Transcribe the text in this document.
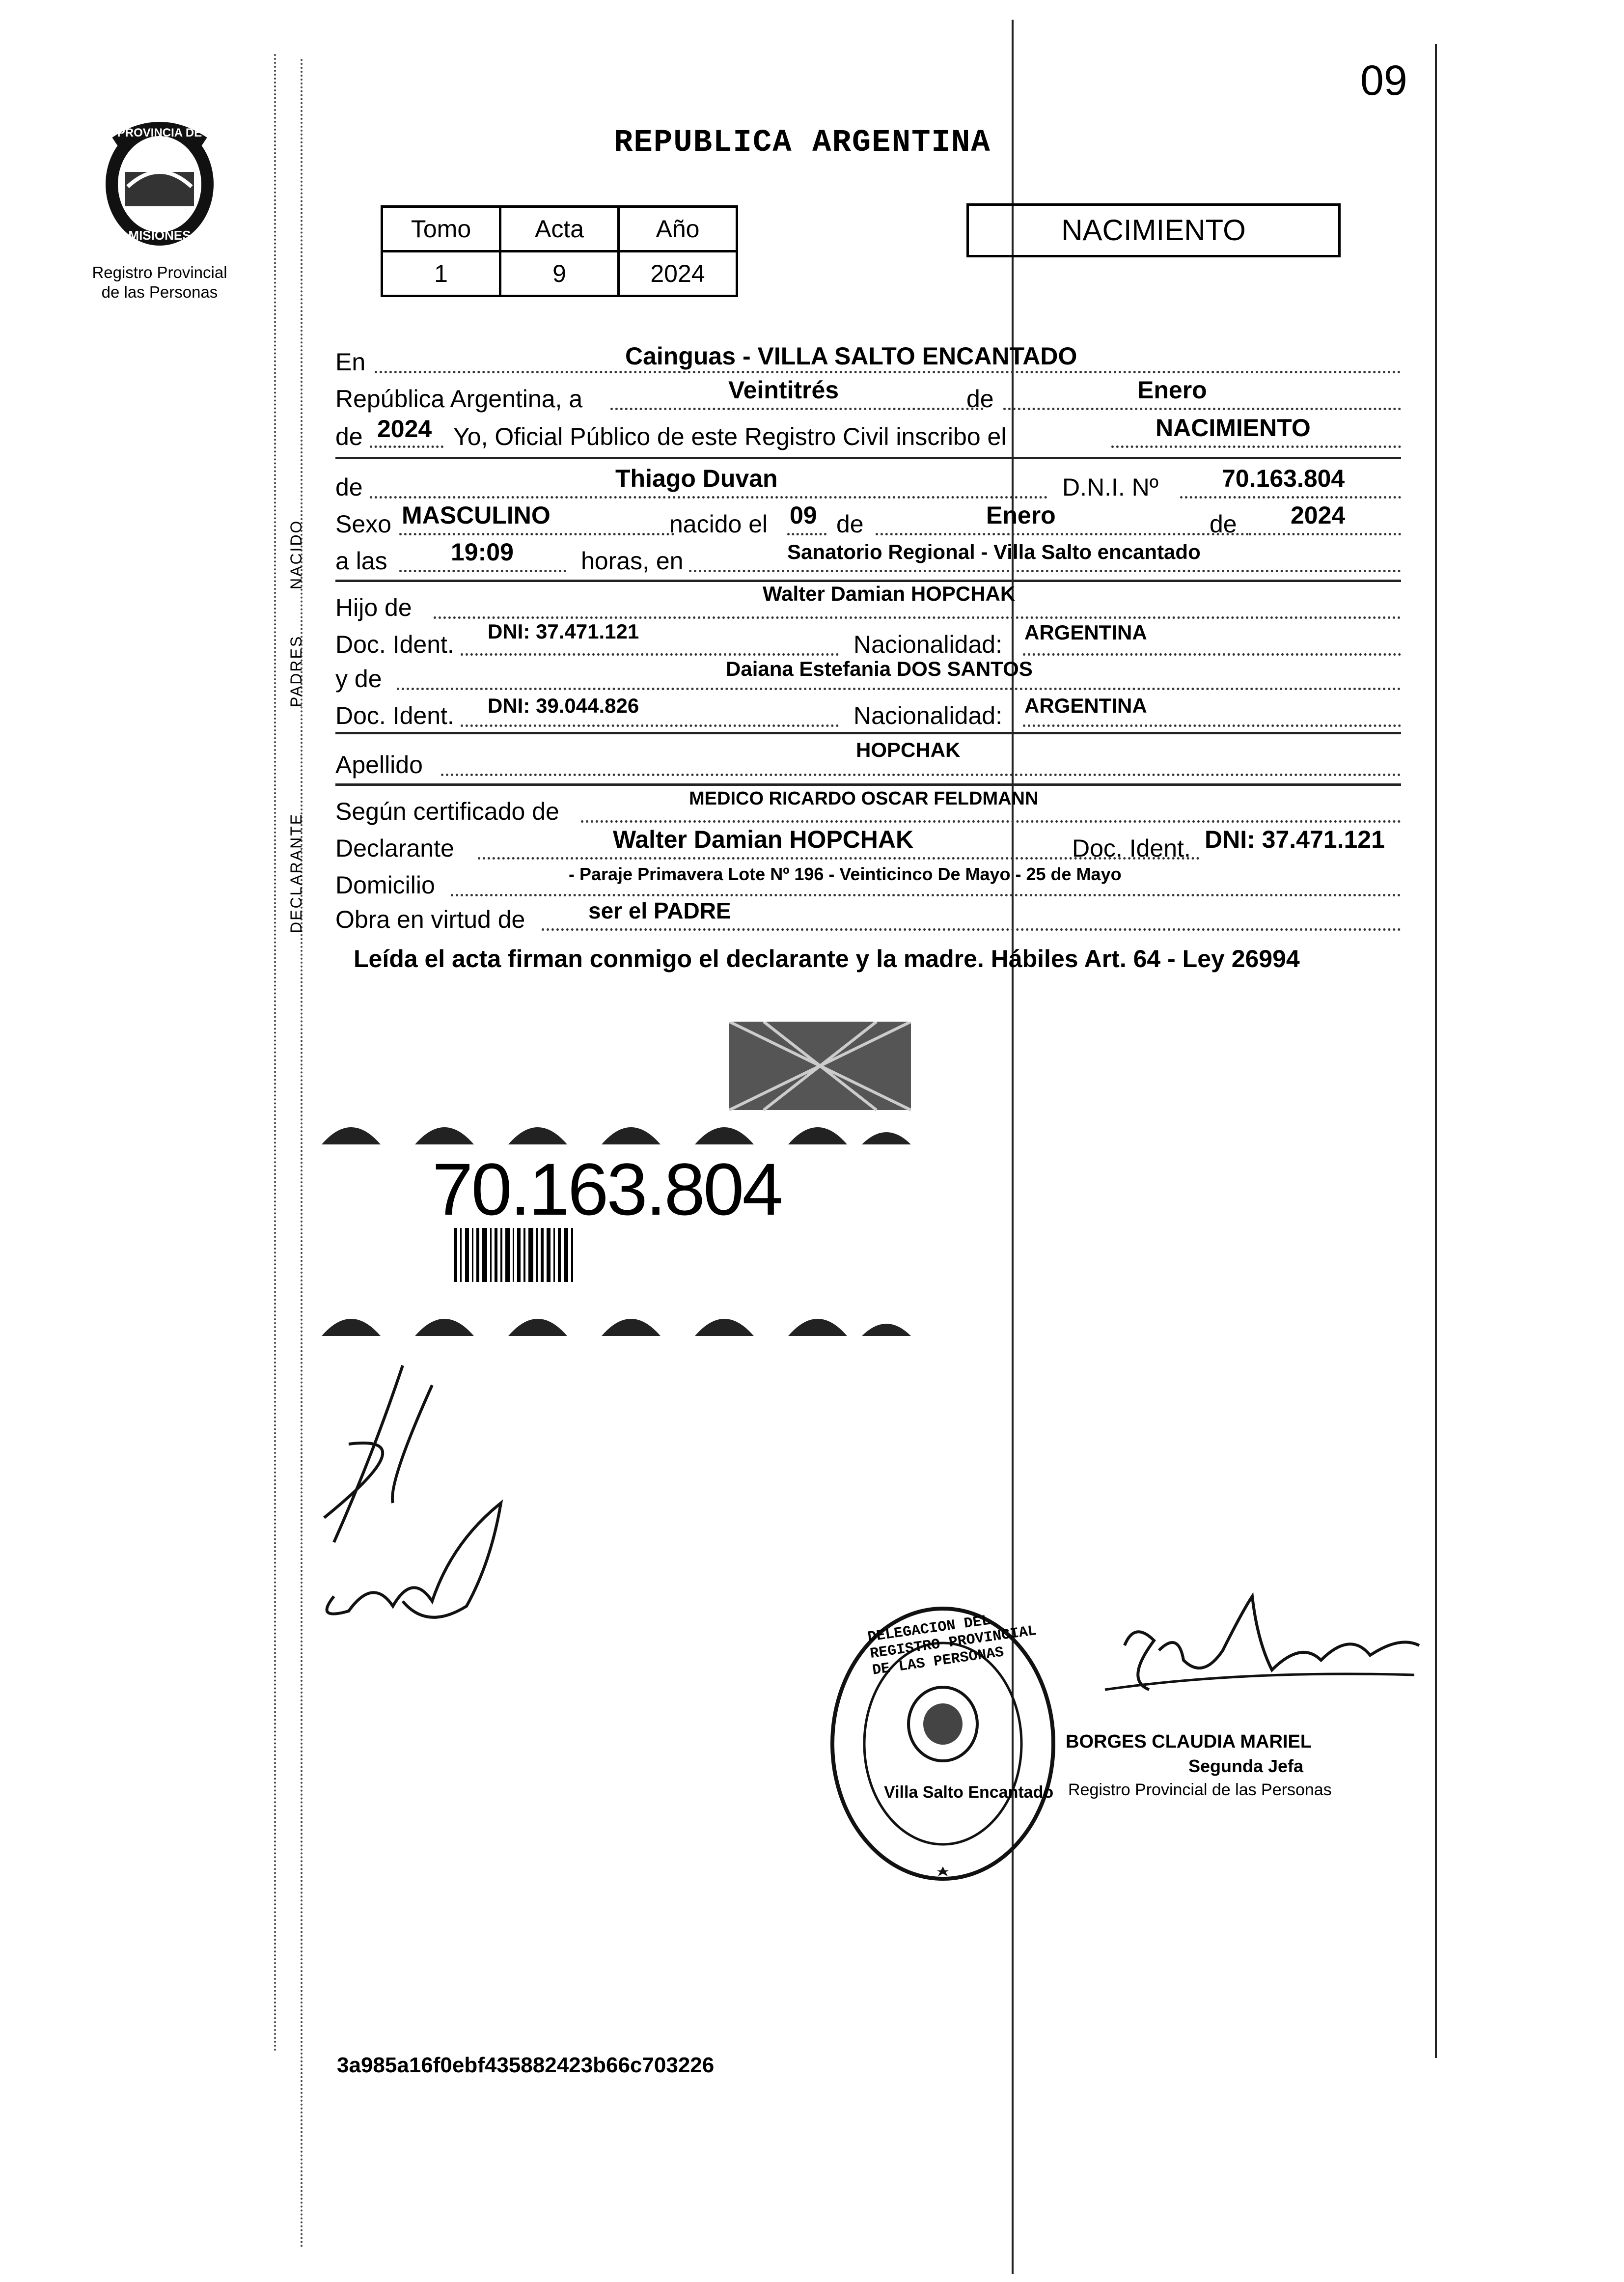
09
PROVINCIA DE
MISIONES
Registro Provincial
de las Personas
REPUBLICA ARGENTINA
Tomo	Acta	Año
1	9	2024
NACIMIENTO
NACIDO
PADRES
DECLARANTE
En	Cainguas - VILLA SALTO ENCANTADO
República Argentina, a	Veintitrés	de	Enero
de 2024 Yo, Oficial Público de este Registro Civil inscribo el	NACIMIENTO
de	Thiago Duvan	D.N.I. Nº	70.163.804
Sexo MASCULINO	nacido el 09 de	Enero	de 2024
a las	19:09	horas, en	Sanatorio Regional - Villa Salto encantado
Hijo de
Walter Damian HOPCHAK
Doc. Ident. DNI: 37.471.121	Nacionalidad: ARGENTINA
y de	Daiana Estefania DOS SANTOS
Doc. Ident. DNI: 39.044.826	Nacionalidad: ARGENTINA
Apellido
HOPCHAK
Según certificado de	MEDICO RICARDO OSCAR FELDMANN
Declarante	Walter Damian HOPCHAK	Doc. Ident. DNI: 37.471.121
Domicilio	- Paraje Primavera Lote Nº 196 - Veinticinco De Mayo - 25 de Mayo
Obra en virtud de	ser el PADRE
Leída el acta firman conmigo el declarante y la madre. Hábiles Art. 64 - Ley 26994
70.163.804
DELEGACION DEL REGISTRO PROVINCIAL DE LAS PERSONAS
Villa Salto Encantado
BORGES CLAUDIA MARIEL
Segunda Jefa
Registro Provincial de las Personas
3a985a16f0ebf435882423b66c703226
